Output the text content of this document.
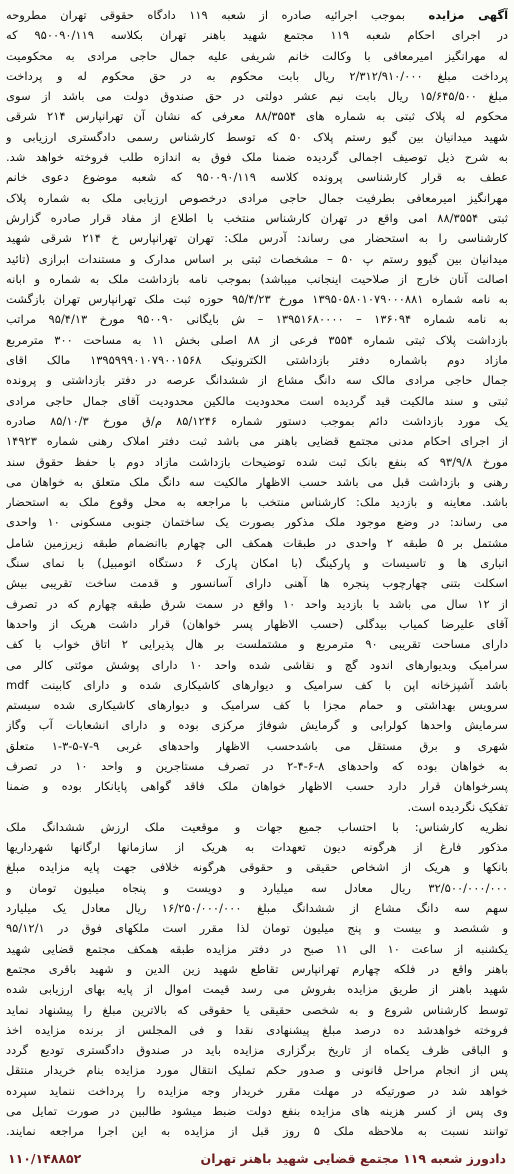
آگهی مزایده بموجب اجرائیه صادره از شعبه ۱۱۹ دادگاه حقوقی تهران مطروحه
در اجرای احکام شعبه ۱۱۹ مجتمع شهید باهنر تهران بکلاسه ۹۵۰۰۹۰/۱۱۹ که
له مهرانگیز امیرمعافی با وکالت خانم شریفی علیه جمال حاجی مرادی به محکومیت
پرداخت مبلغ ۲/۳۱۲/۹۱۰/۰۰۰ ریال بابت محکوم به در حق محکوم له و پرداخت
مبلغ ۱۵/۶۴۵/۵۰۰ ریال بابت نیم عشر دولتی در حق صندوق دولت می باشد از سوی
محکوم له پلاک ثبتی به شماره های ۸۸/۳۵۵۴ معرفی که نشان آن تهرانپارس ۲۱۴ شرقی
شهید میدانیان بین گیو رستم پلاک ۵۰ که توسط کارشناس رسمی دادگستری ارزیابی و
به شرح ذیل توصیف اجمالی گردیده ضمنا ملک فوق به اندازه طلب فروخته خواهد شد.
عطف به قرار کارشناسی پرونده کلاسه ۹۵۰۰۹۰/۱۱۹ که شعبه موضوع دعوی خانم
مهرانگیز امیرمعافی بطرفیت جمال حاجی مرادی درخصوص ارزیابی ملک به شماره پلاک
ثبتی ۸۸/۳۵۵۴ امی واقع در تهران کارشناس منتخب با اطلاع از مفاد قرار صادره گزارش
کارشناسی را به استحضار می رساند: آدرس ملک: تهران تهرانپارس خ ۲۱۴ شرقی شهید
میدانیان بین گیوو رستم پ ۵۰ – مشخصات ثبتی بر اساس مدارک و مستندات ابرازی (تائید
اصالت آنان خارج از صلاحیت اینجانب میباشد) بموجب نامه بازداشت ملک به شماره و ابانه
به نامه شماره ۱۳۹۵۰۵۸۰۱۰۷۹۰۰۰۸۸۱ مورخ ۹۵/۴/۲۳ حوزه ثبت ملک تهرانپارس تهران بازگشت
به نامه شماره ۱۳۶۰۹۴ – ۱۳۹۵۱۶۸۰۰۰۰ – ش بایگانی ۹۵۰۰۹۰ مورخ ۹۵/۴/۱۳ مراتب
بازداشت پلاک ثبتی شماره ۳۵۵۴ فرعی از ۸۸ اصلی بخش ۱۱ به مساحت ۳۰۰ مترمربع
مازاد دوم باشماره دفتر بازداشتی الکترونیک ۱۳۹۵۹۹۹۰۱۰۷۹۰۰۱۵۶۸ مالک اقای
جمال حاجی مرادی مالک سه دانگ مشاع از ششدانگ عرصه در دفتر بازداشتی و پرونده
ثبتی و سند مالکیت قید گردیده است محدودیت مالکین محدودیت آقای جمال حاجی مرادی
یک مورد بازداشت دائم بموجب دستور شماره ۸۵/۱۲۴۶ م/ق مورخ ۸۵/۱۰/۳ صادره
از اجرای احکام مدنی مجتمع قضایی باهنر می باشد ثبت دفتر املاک رهنی شماره ۱۴۹۲۳
مورخ ۹۳/۹/۸ که بنفع بانک ثبت شده توضیحات بازداشت مازاد دوم با حفظ حقوق سند
رهنی و بازداشت قبل می باشد حسب الاظهار مالکیت سه دانگ ملک متعلق به خواهان می
باشد. معاینه و بازدید ملک: کارشناس منتخب با مراجعه به محل وقوع ملک به استحضار
می رساند: در وضع موجود ملک مذکور بصورت یک ساختمان جنوبی مسکونی ۱۰ واحدی
مشتمل بر ۵ طبقه ۲ واحدی در طبقات همکف الی چهارم باانضمام طبقه زیرزمین شامل
انباری ها و تاسیسات و پارکینگ (با امکان پارک ۶ دستگاه اتومبیل) با نمای سنگ
اسکلت بتنی چهارچوب پنجره ها آهنی دارای آسانسور و قدمت ساخت تقریبی بیش
از ۱۲ سال می باشد با بازدید واحد ۱۰ واقع در سمت شرق طبقه چهارم که در تصرف
آقای علیرضا کمیاب بیدگلی (حسب الاظهار پسر خواهان) قرار داشت هریک از واحدها
دارای مساحت تقریبی ۹۰ مترمربع و مشتملست بر هال پذیرایی ۲ اتاق خواب با کف
سرامیک وبدیوارهای اندود گچ و نقاشی شده واحد ۱۰ دارای پوشش موئتی کالر می
باشد آشپزخانه اپن با کف سرامیک و دیوارهای کاشیکاری شده و دارای کابینت mdf
سرویس بهداشتی و حمام مجزا با کف سرامیک و دیوارهای کاشیکاری شده سیستم
سرمایش واحدها کولرابی و گرمایش شوفاژ مرکزی بوده و دارای انشعابات آب وگاز
شهری و برق مستقل می باشدحسب الاظهار واحدهای غربی ۹-۷-۵-۳-۱ متعلق
به خواهان بوده که واحدهای ۸-۶-۴-۲ در تصرف مستاجرین و واحد ۱۰ در تصرف
پسرخواهان قرار دارد حسب الاظهار خواهان ملک فاقد گواهی پایانکار بوده و ضمنا
تفکیک نگردیده است.
نظریه کارشناس: با احتساب جمیع جهات و موقعیت ملک ارزش ششدانگ ملک
مذکور فارغ از هرگونه دیون تعهدات به هریک از سازمانها ارگانها شهرداریها
بانکها و هریک از اشخاص حقیقی و حقوقی هرگونه خلافی جهت پایه مزایده مبلغ
۳۲/۵۰۰/۰۰۰/۰۰۰ ریال معادل سه میلیارد و دویست و پنجاه میلیون تومان و
سهم سه دانگ مشاع از ششدانگ مبلغ ۱۶/۲۵۰/۰۰۰/۰۰۰ ریال معادل یک میلیارد
و ششصد و بیست و پنج میلیون تومان لذا مقرر است ملکهای فوق در ۹۵/۱۲/۱
یکشنبه از ساعت ۱۰ الی ۱۱ صبح در دفتر مزایده طبقه همکف مجتمع قضایی شهید
باهنر واقع در فلکه چهارم تهرانپارس تقاطع شهید زین الدین و شهید باقری مجتمع
شهید باهنر از طریق مزایده بفروش می رسد قیمت اموال از پایه بهای ارزیابی شده
توسط کارشناس شروع و به شخصی حقیقی یا حقوقی که بالاترین مبلغ را پیشنهاد نماید
فروخته خواهدشد ده درصد مبلغ پیشنهادی نقدا و فی المجلس از برنده مزایده اخذ
و الباقی ظرف یکماه از تاریخ برگزاری مزایده باید در صندوق دادگستری تودیع گردد
پس از انجام مراحل قانونی و صدور حکم تملیک انتقال مورد مزایده بنام خریدار منتقل
خواهد شد در صورتیکه در مهلت مقرر خریدار وجه مزایده را پرداخت ننماید سپرده
وی پس از کسر هزینه های مزایده بنفع دولت ضبط میشود طالبین در صورت تمایل می
توانند نسبت به ملاحظه ملک ۵ روز قبل از مزایده به این اجرا مراجعه نمایند.
دادورز شعبه ۱۱۹ مجتمع قضایی شهید باهنر تهران
۱۱۰/۱۴۸۸۵۲
